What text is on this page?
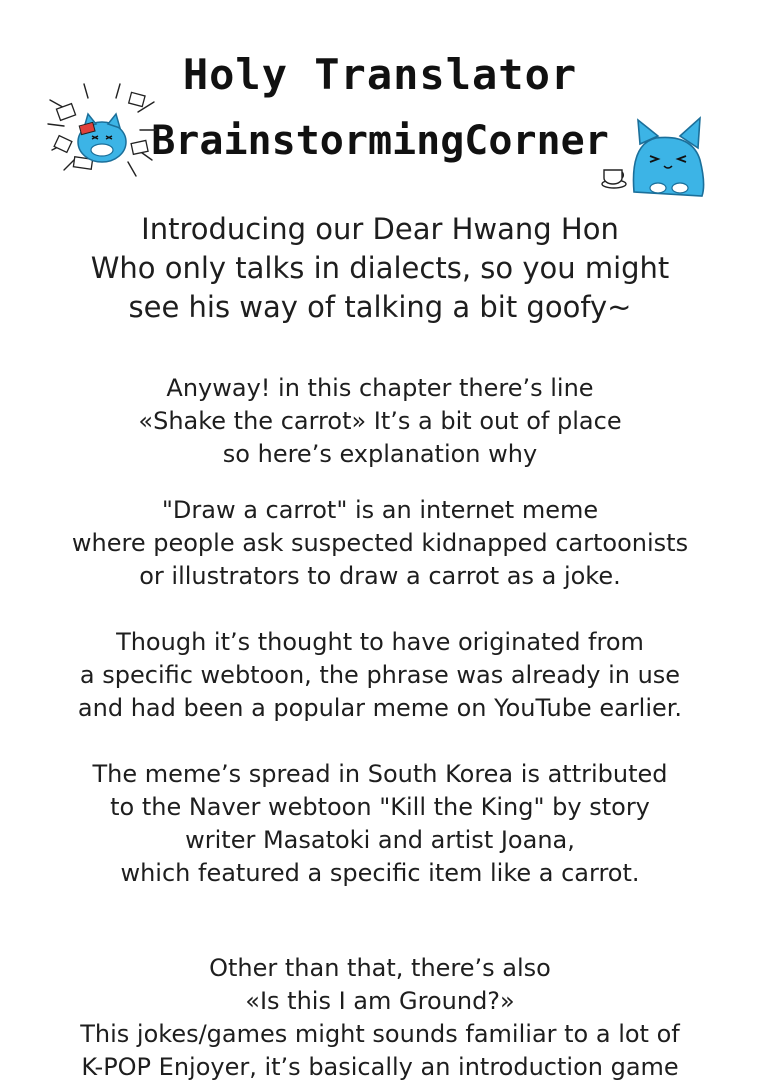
Holy Translator
BrainstormingCorner
Introducing our Dear Hwang Hon
Who only talks in dialects, so you might
see his way of talking a bit goofy~
Anyway! in this chapter there’s line
«Shake the carrot» It’s a bit out of place
so here’s explanation why
"Draw a carrot" is an internet meme
where people ask suspected kidnapped cartoonists
or illustrators to draw a carrot as a joke.
Though it’s thought to have originated from
a specific webtoon, the phrase was already in use
and had been a popular meme on YouTube earlier.
The meme’s spread in South Korea is attributed
to the Naver webtoon "Kill the King" by story
writer Masatoki and artist Joana,
which featured a specific item like a carrot.
Other than that, there’s also
«Is this I am Ground?»
This jokes/games might sounds familiar to a lot of
K-POP Enjoyer, it’s basically an introduction game
